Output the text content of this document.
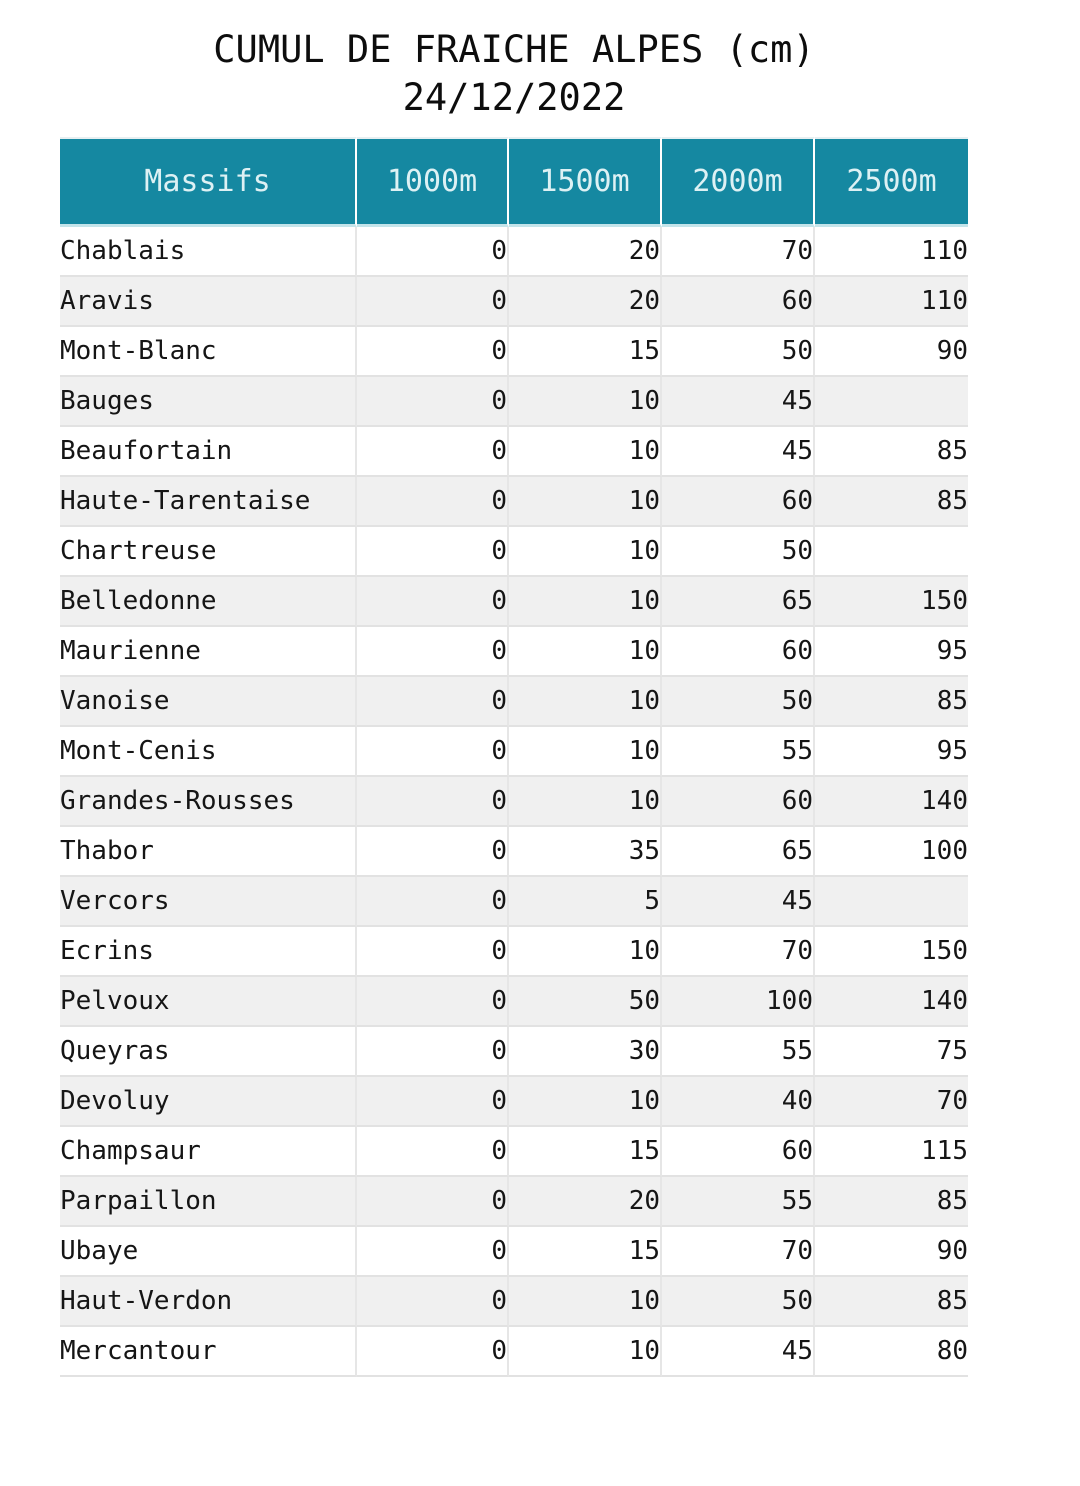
CUMUL DE FRAICHE ALPES (cm)
24/12/2022
Massifs	1000m	1500m	2000m	2500m
Chablais	0	20	70	110
Aravis	0	20	60	110
Mont-Blanc	0	15	50	90
Bauges	0	10	45	
Beaufortain	0	10	45	85
Haute-Tarentaise	0	10	60	85
Chartreuse	0	10	50	
Belledonne	0	10	65	150
Maurienne	0	10	60	95
Vanoise	0	10	50	85
Mont-Cenis	0	10	55	95
Grandes-Rousses	0	10	60	140
Thabor	0	35	65	100
Vercors	0	5	45	
Ecrins	0	10	70	150
Pelvoux	0	50	100	140
Queyras	0	30	55	75
Devoluy	0	10	40	70
Champsaur	0	15	60	115
Parpaillon	0	20	55	85
Ubaye	0	15	70	90
Haut-Verdon	0	10	50	85
Mercantour	0	10	45	80
